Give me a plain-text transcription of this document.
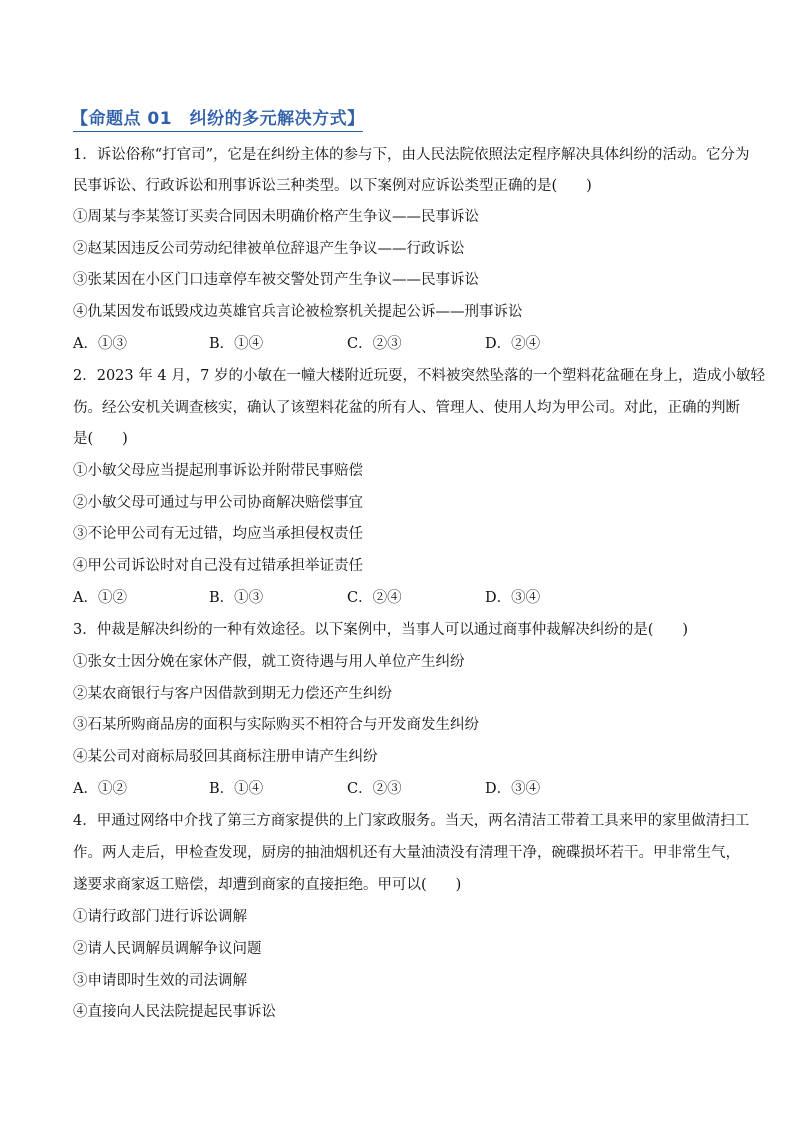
【命题点 01　纠纷的多元解决方式】
1．诉讼俗称“打官司”，它是在纠纷主体的参与下，由人民法院依照法定程序解决具体纠纷的活动。它分为
民事诉讼、行政诉讼和刑事诉讼三种类型。以下案例对应诉讼类型正确的是(　　)
①周某与李某签订买卖合同因未明确价格产生争议——民事诉讼
②赵某因违反公司劳动纪律被单位辞退产生争议——行政诉讼
③张某因在小区门口违章停车被交警处罚产生争议——民事诉讼
④仇某因发布诋毁戍边英雄官兵言论被检察机关提起公诉——刑事诉讼
A．①③	B．①④	C．②③	D．②④
2．2023 年 4 月，7 岁的小敏在一幢大楼附近玩耍，不料被突然坠落的一个塑料花盆砸在身上，造成小敏轻
伤。经公安机关调查核实，确认了该塑料花盆的所有人、管理人、使用人均为甲公司。对此，正确的判断
是(　　)
①小敏父母应当提起刑事诉讼并附带民事赔偿
②小敏父母可通过与甲公司协商解决赔偿事宜
③不论甲公司有无过错，均应当承担侵权责任
④甲公司诉讼时对自己没有过错承担举证责任
A．①②	B．①③	C．②④	D．③④
3．仲裁是解决纠纷的一种有效途径。以下案例中，当事人可以通过商事仲裁解决纠纷的是(　　)
①张女士因分娩在家休产假，就工资待遇与用人单位产生纠纷
②某农商银行与客户因借款到期无力偿还产生纠纷
③石某所购商品房的面积与实际购买不相符合与开发商发生纠纷
④某公司对商标局驳回其商标注册申请产生纠纷
A．①②	B．①④	C．②③	D．③④
4．甲通过网络中介找了第三方商家提供的上门家政服务。当天，两名清洁工带着工具来甲的家里做清扫工
作。两人走后，甲检查发现，厨房的抽油烟机还有大量油渍没有清理干净，碗碟损坏若干。甲非常生气，
遂要求商家返工赔偿，却遭到商家的直接拒绝。甲可以(　　)
①请行政部门进行诉讼调解
②请人民调解员调解争议问题
③申请即时生效的司法调解
④直接向人民法院提起民事诉讼
